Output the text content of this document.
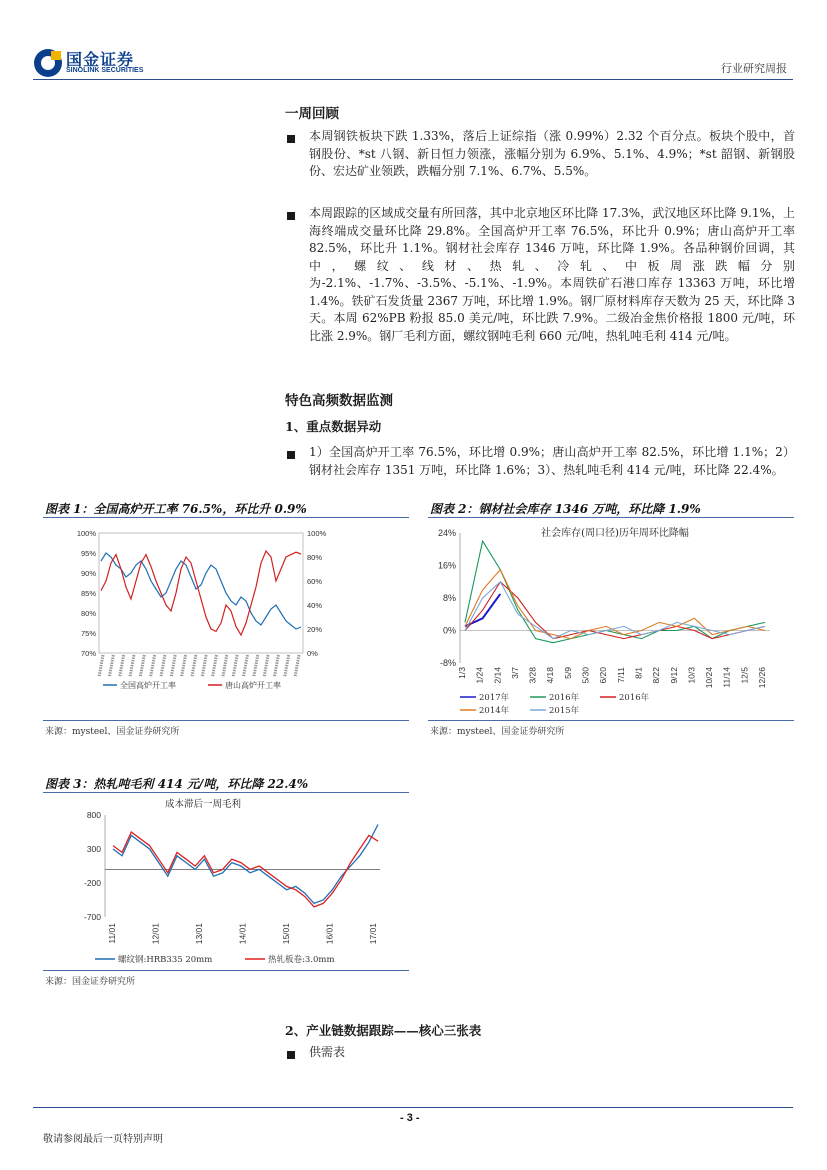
国金证券
SINOLINK SECURITIES	行业研究周报
一周回顾
本周钢铁板块下跌 1.33%，落后上证综指（涨 0.99%）2.32 个百分点。板块个股中，首钢股份、*st 八钢、新日恒力领涨，涨幅分别为 6.9%、5.1%、4.9%；*st 韶钢、新钢股份、宏达矿业领跌，跌幅分别 7.1%、6.7%、5.5%。
本周跟踪的区域成交量有所回落，其中北京地区环比降 17.3%，武汉地区环比降 9.1%，上海终端成交量环比降 29.8%。全国高炉开工率 76.5%，环比升 0.9%；唐山高炉开工率 82.5%，环比升 1.1%。钢材社会库存 1346 万吨，环比降 1.9%。各品种钢价回调，其中，螺纹、线材、热轧、冷轧、中板周涨跌幅分别为-2.1%、-1.7%、-3.5%、-5.1%、-1.9%。本周铁矿石港口库存 13363 万吨，环比增 1.4%。铁矿石发货量 2367 万吨，环比增 1.9%。钢厂原材料库存天数为 25 天，环比降 3 天。本周 62%PB 粉报 85.0 美元/吨，环比跌 7.9%。二级冶金焦价格报 1800 元/吨，环比涨 2.9%。钢厂毛利方面，螺纹钢吨毛利 660 元/吨，热轧吨毛利 414 元/吨。
特色高频数据监测
1、重点数据异动
1）全国高炉开工率 76.5%，环比增 0.9%；唐山高炉开工率 82.5%，环比增 1.1%；2）钢材社会库存 1351 万吨，环比降 1.6%；3）、热轧吨毛利 414 元/吨，环比降 22.4%。
图表 1：全国高炉开工率 76.5%，环比升 0.9%
100%
95%
90%
85%
80%
75%
70%
100%
80%
60%
40%
20%
0%
全国高炉开工率	唐山高炉开工率
来源：mysteel、国金证券研究所
图表 2：钢材社会库存 1346 万吨，环比降 1.9%
社会库存(周口径)历年周环比降幅
24%
16%
8%
0%
-8%
1/3 1/24 2/14 3/7 3/28 4/18 5/9 5/30 6/20 7/11 8/1 8/22 9/12 10/3 10/24 11/14 12/5 12/26
2017年	2016年	2016年
2014年	2015年
来源：mysteel、国金证券研究所
图表 3：热轧吨毛利 414 元/吨，环比降 22.4%
成本滞后一周毛利
800
300
-200
-700
11/01	12/01	13/01	14/01	15/01	16/01	17/01
螺纹钢:HRB335 20mm	热轧板卷:3.0mm
来源：国金证券研究所
2、产业链数据跟踪——核心三张表
供需表
- 3 -
敬请参阅最后一页特别声明
